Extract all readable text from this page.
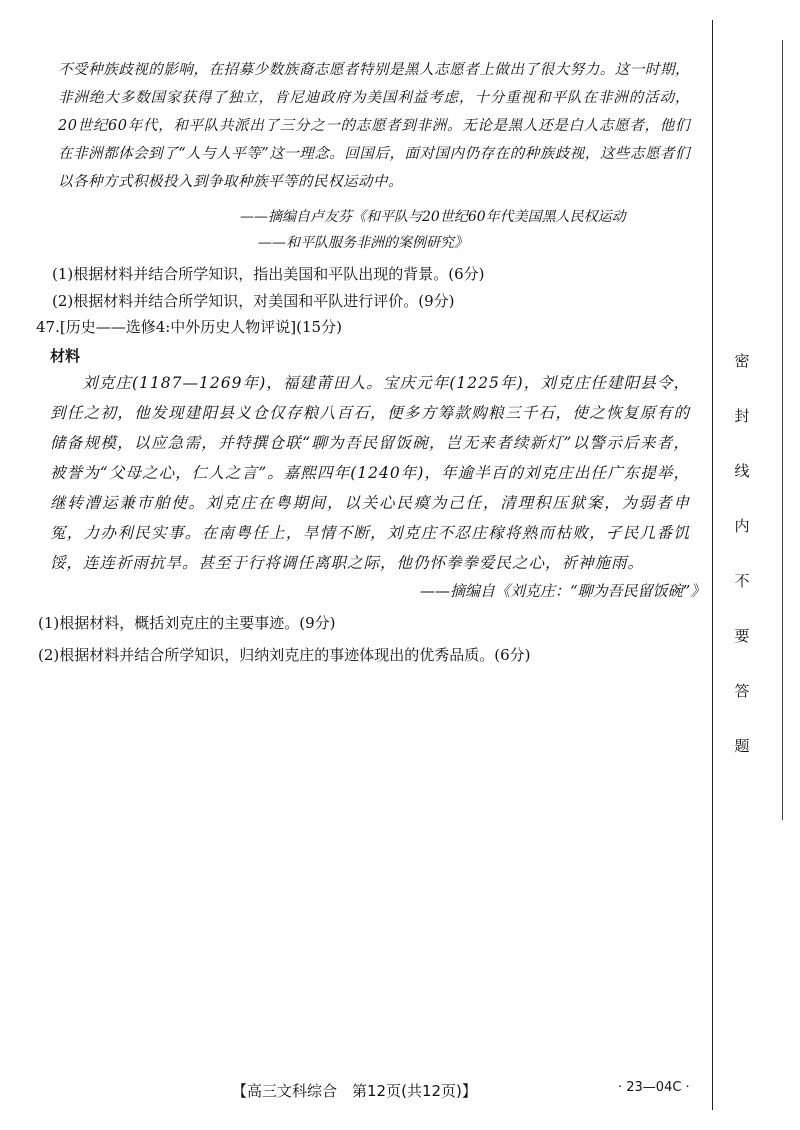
不受种族歧视的影响，在招募少数族裔志愿者特别是黑人志愿者上做出了很大努力。这一时期，非洲绝大多数国家获得了独立，肯尼迪政府为美国利益考虑，十分重视和平队在非洲的活动，20世纪60年代，和平队共派出了三分之一的志愿者到非洲。无论是黑人还是白人志愿者，他们在非洲都体会到了“人与人平等”这一理念。回国后，面对国内仍存在的种族歧视，这些志愿者们以各种方式积极投入到争取种族平等的民权运动中。
——摘编自卢友芬《和平队与20世纪60年代美国黑人民权运动
——和平队服务非洲的案例研究》
(1)根据材料并结合所学知识，指出美国和平队出现的背景。(6分)
(2)根据材料并结合所学知识，对美国和平队进行评价。(9分)
47.[历史——选修4:中外历史人物评说](15分)
材料
刘克庄(1187—1269年)，福建莆田人。宝庆元年(1225年)，刘克庄任建阳县令，到任之初，他发现建阳县义仓仅存粮八百石，便多方筹款购粮三千石，使之恢复原有的储备规模，以应急需，并特撰仓联“聊为吾民留饭碗，岂无来者续新灯”以警示后来者，被誉为“父母之心，仁人之言”。嘉熙四年(1240年)，年逾半百的刘克庄出任广东提举，继转漕运兼市舶使。刘克庄在粤期间，以关心民瘼为己任，清理积压狱案，为弱者申冤，力办利民实事。在南粤任上，旱情不断，刘克庄不忍庄稼将熟而枯败，孑民几番饥馁，连连祈雨抗旱。甚至于行将调任离职之际，他仍怀拳拳爱民之心，祈神施雨。
——摘编自《刘克庄：“聊为吾民留饭碗”》
(1)根据材料，概括刘克庄的主要事迹。(9分)
(2)根据材料并结合所学知识，归纳刘克庄的事迹体现出的优秀品质。(6分)
密
封
线
内
不
要
答
题
【高三文科综合　第12页(共12页)】	· 23—04C ·
